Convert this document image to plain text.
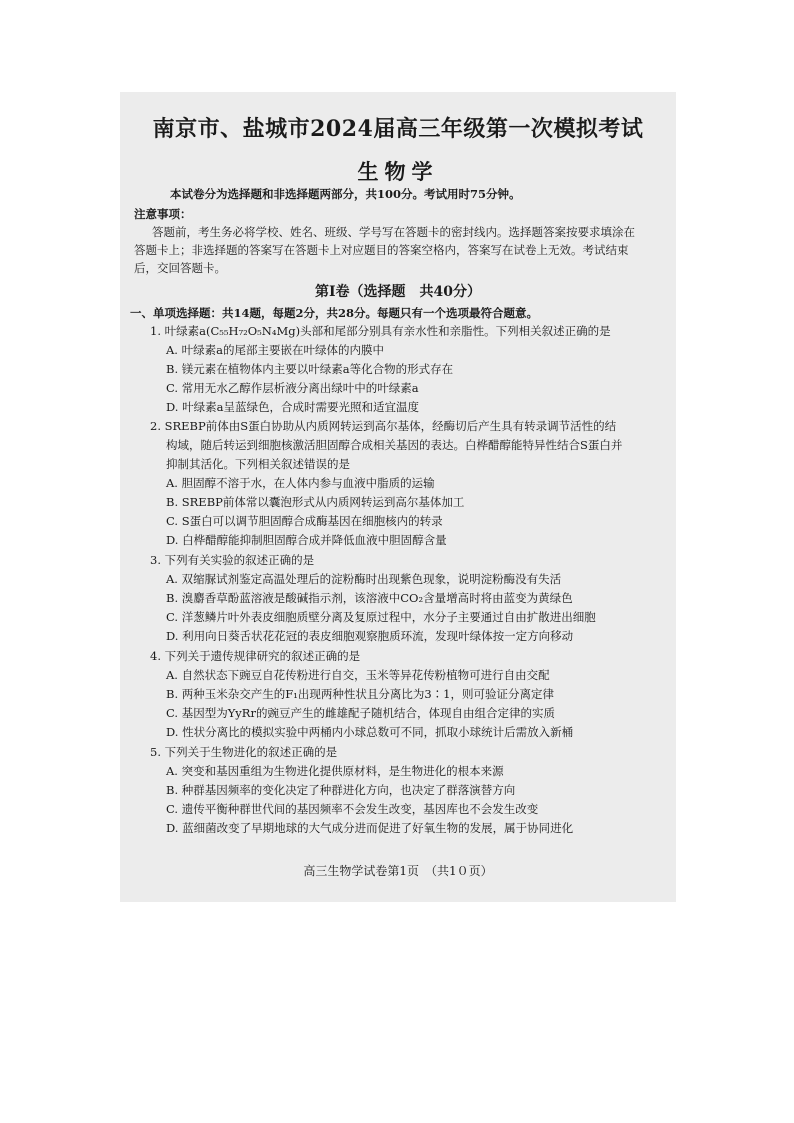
南京市、盐城市2024届高三年级第一次模拟考试
生物学
本试卷分为选择题和非选择题两部分，共100分。考试用时75分钟。
注意事项：
答题前，考生务必将学校、姓名、班级、学号写在答题卡的密封线内。选择题答案按要求填涂在
答题卡上；非选择题的答案写在答题卡上对应题目的答案空格内，答案写在试卷上无效。考试结束
后，交回答题卡。
第Ⅰ卷（选择题　共40分）
一、单项选择题：共14题，每题2分，共28分。每题只有一个选项最符合题意。
1. 叶绿素a(C₅₅H₇₂O₅N₄Mg)头部和尾部分别具有亲水性和亲脂性。下列相关叙述正确的是
A. 叶绿素a的尾部主要嵌在叶绿体的内膜中
B. 镁元素在植物体内主要以叶绿素a等化合物的形式存在
C. 常用无水乙醇作层析液分离出绿叶中的叶绿素a
D. 叶绿素a呈蓝绿色，合成时需要光照和适宜温度
2. SREBP前体由S蛋白协助从内质网转运到高尔基体，经酶切后产生具有转录调节活性的结
构域，随后转运到细胞核激活胆固醇合成相关基因的表达。白桦醋醇能特异性结合S蛋白并
抑制其活化。下列相关叙述错误的是
A. 胆固醇不溶于水，在人体内参与血液中脂质的运输
B. SREBP前体常以囊泡形式从内质网转运到高尔基体加工
C. S蛋白可以调节胆固醇合成酶基因在细胞核内的转录
D. 白桦醋醇能抑制胆固醇合成并降低血液中胆固醇含量
3. 下列有关实验的叙述正确的是
A. 双缩脲试剂鉴定高温处理后的淀粉酶时出现紫色现象，说明淀粉酶没有失活
B. 溴麝香草酚蓝溶液是酸碱指示剂，该溶液中CO₂含量增高时将由蓝变为黄绿色
C. 洋葱鳞片叶外表皮细胞质壁分离及复原过程中，水分子主要通过自由扩散进出细胞
D. 利用向日葵舌状花花冠的表皮细胞观察胞质环流，发现叶绿体按一定方向移动
4. 下列关于遗传规律研究的叙述正确的是
A. 自然状态下豌豆自花传粉进行自交，玉米等异花传粉植物可进行自由交配
B. 两种玉米杂交产生的F₁出现两种性状且分离比为3∶1，则可验证分离定律
C. 基因型为YyRr的豌豆产生的雌雄配子随机结合，体现自由组合定律的实质
D. 性状分离比的模拟实验中两桶内小球总数可不同，抓取小球统计后需放入新桶
5. 下列关于生物进化的叙述正确的是
A. 突变和基因重组为生物进化提供原材料，是生物进化的根本来源
B. 种群基因频率的变化决定了种群进化方向，也决定了群落演替方向
C. 遗传平衡种群世代间的基因频率不会发生改变，基因库也不会发生改变
D. 蓝细菌改变了早期地球的大气成分进而促进了好氧生物的发展，属于协同进化
高三生物学试卷第1页　（共1０页）
